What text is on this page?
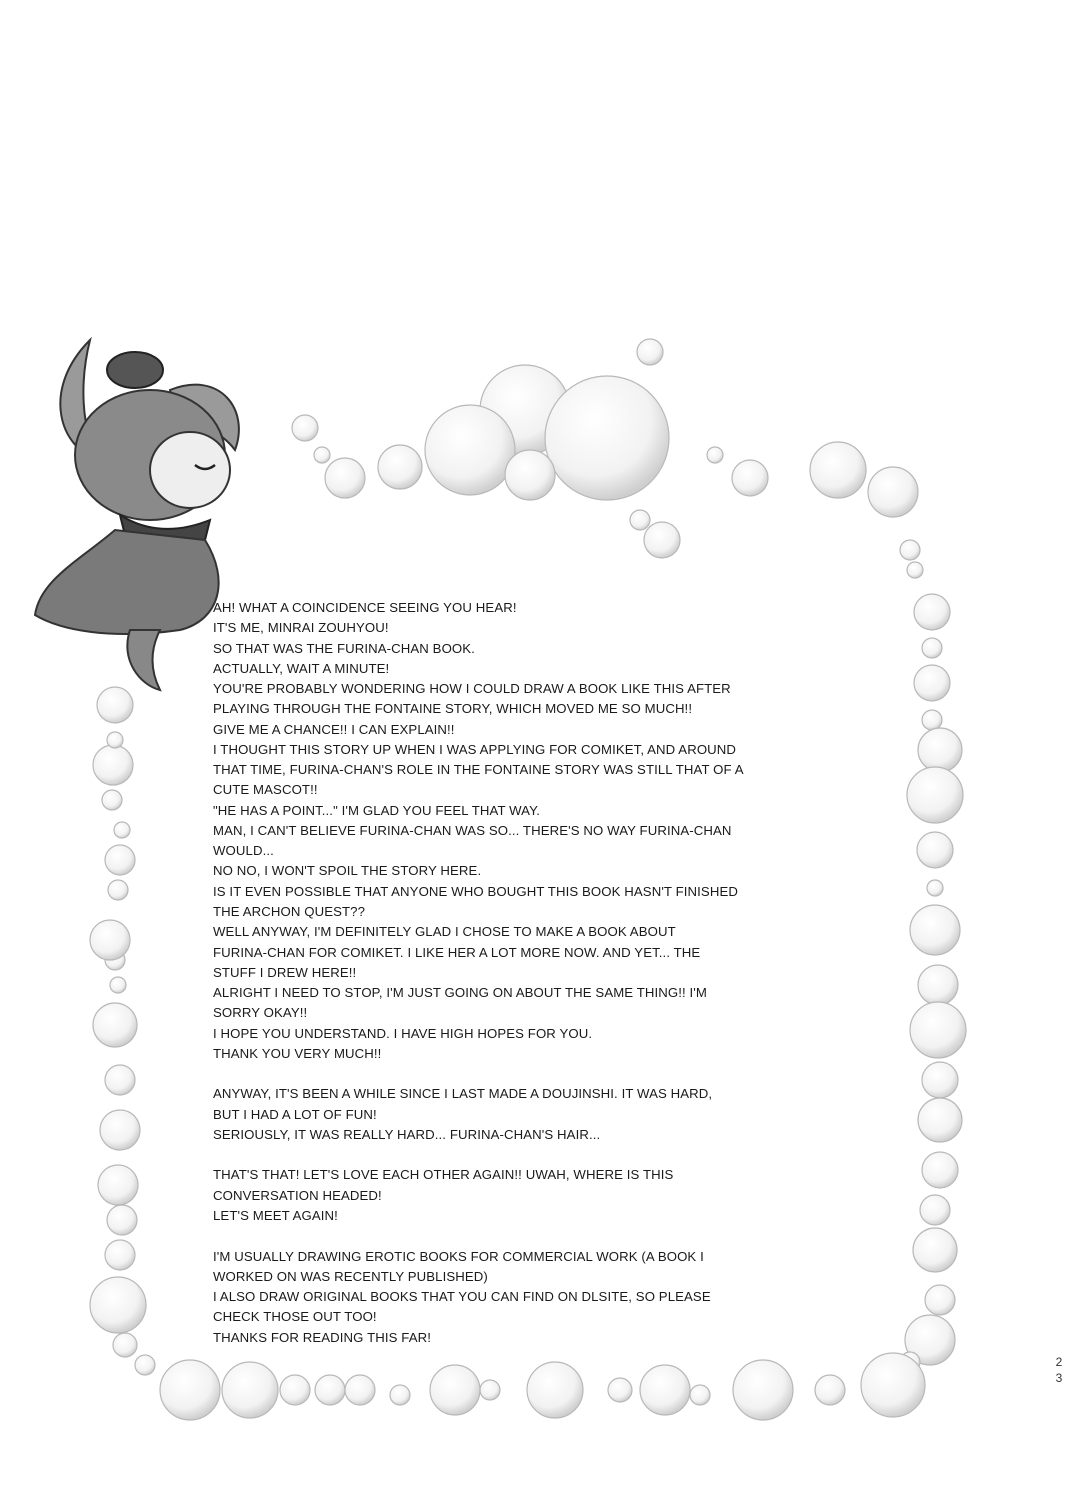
AH! WHAT A COINCIDENCE SEEING YOU HEAR!
IT'S ME, MINRAI ZOUHYOU!
SO THAT WAS THE FURINA-CHAN BOOK.
ACTUALLY, WAIT A MINUTE!
YOU'RE PROBABLY WONDERING HOW I COULD DRAW A BOOK LIKE THIS AFTER
PLAYING THROUGH THE FONTAINE STORY, WHICH MOVED ME SO MUCH!!
GIVE ME A CHANCE!! I CAN EXPLAIN!!
I THOUGHT THIS STORY UP WHEN I WAS APPLYING FOR COMIKET, AND AROUND
THAT TIME, FURINA-CHAN'S ROLE IN THE FONTAINE STORY WAS STILL THAT OF A
CUTE MASCOT!!
"HE HAS A POINT..." I'M GLAD YOU FEEL THAT WAY.
MAN, I CAN'T BELIEVE FURINA-CHAN WAS SO... THERE'S NO WAY FURINA-CHAN
WOULD...
NO NO, I WON'T SPOIL THE STORY HERE.
IS IT EVEN POSSIBLE THAT ANYONE WHO BOUGHT THIS BOOK HASN'T FINISHED
THE ARCHON QUEST??
WELL ANYWAY, I'M DEFINITELY GLAD I CHOSE TO MAKE A BOOK ABOUT
FURINA-CHAN FOR COMIKET. I LIKE HER A LOT MORE NOW. AND YET... THE
STUFF I DREW HERE!!
ALRIGHT I NEED TO STOP, I'M JUST GOING ON ABOUT THE SAME THING!! I'M
SORRY OKAY!!
I HOPE YOU UNDERSTAND. I HAVE HIGH HOPES FOR YOU.
THANK YOU VERY MUCH!!
ANYWAY, IT'S BEEN A WHILE SINCE I LAST MADE A DOUJINSHI. IT WAS HARD,
BUT I HAD A LOT OF FUN!
SERIOUSLY, IT WAS REALLY HARD... FURINA-CHAN'S HAIR...
THAT'S THAT! LET'S LOVE EACH OTHER AGAIN!! UWAH, WHERE IS THIS
CONVERSATION HEADED!
LET'S MEET AGAIN!
I'M USUALLY DRAWING EROTIC BOOKS FOR COMMERCIAL WORK (A BOOK I
WORKED ON WAS RECENTLY PUBLISHED)
I ALSO DRAW ORIGINAL BOOKS THAT YOU CAN FIND ON DLSITE, SO PLEASE
CHECK THOSE OUT TOO!
THANKS FOR READING THIS FAR!
2
3
